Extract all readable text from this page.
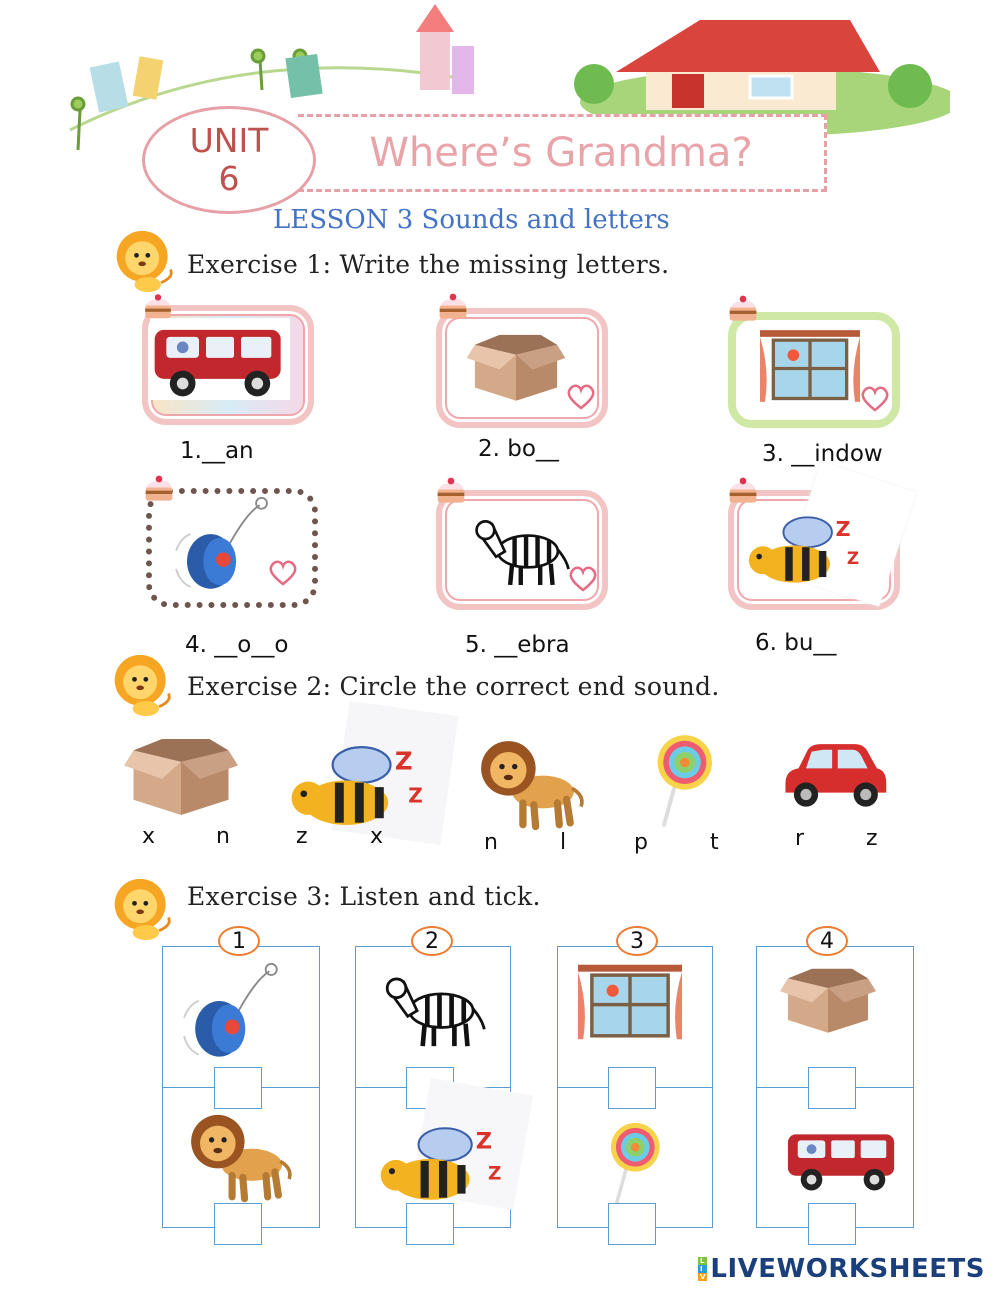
Where’s Grandma?
UNIT
6
LESSON 3 Sounds and letters
Exercise 1: Write the missing letters.
1.__an	2. bo__	3. __indow
4. __o__o	5. __ebra	6. bu__
Exercise 2: Circle the correct end sound.
x	n	z	x	n	l	p	t	r	z
Exercise 3: Listen and tick.
1	2	3	4
L
I
V LIVEWORKSHEETS
